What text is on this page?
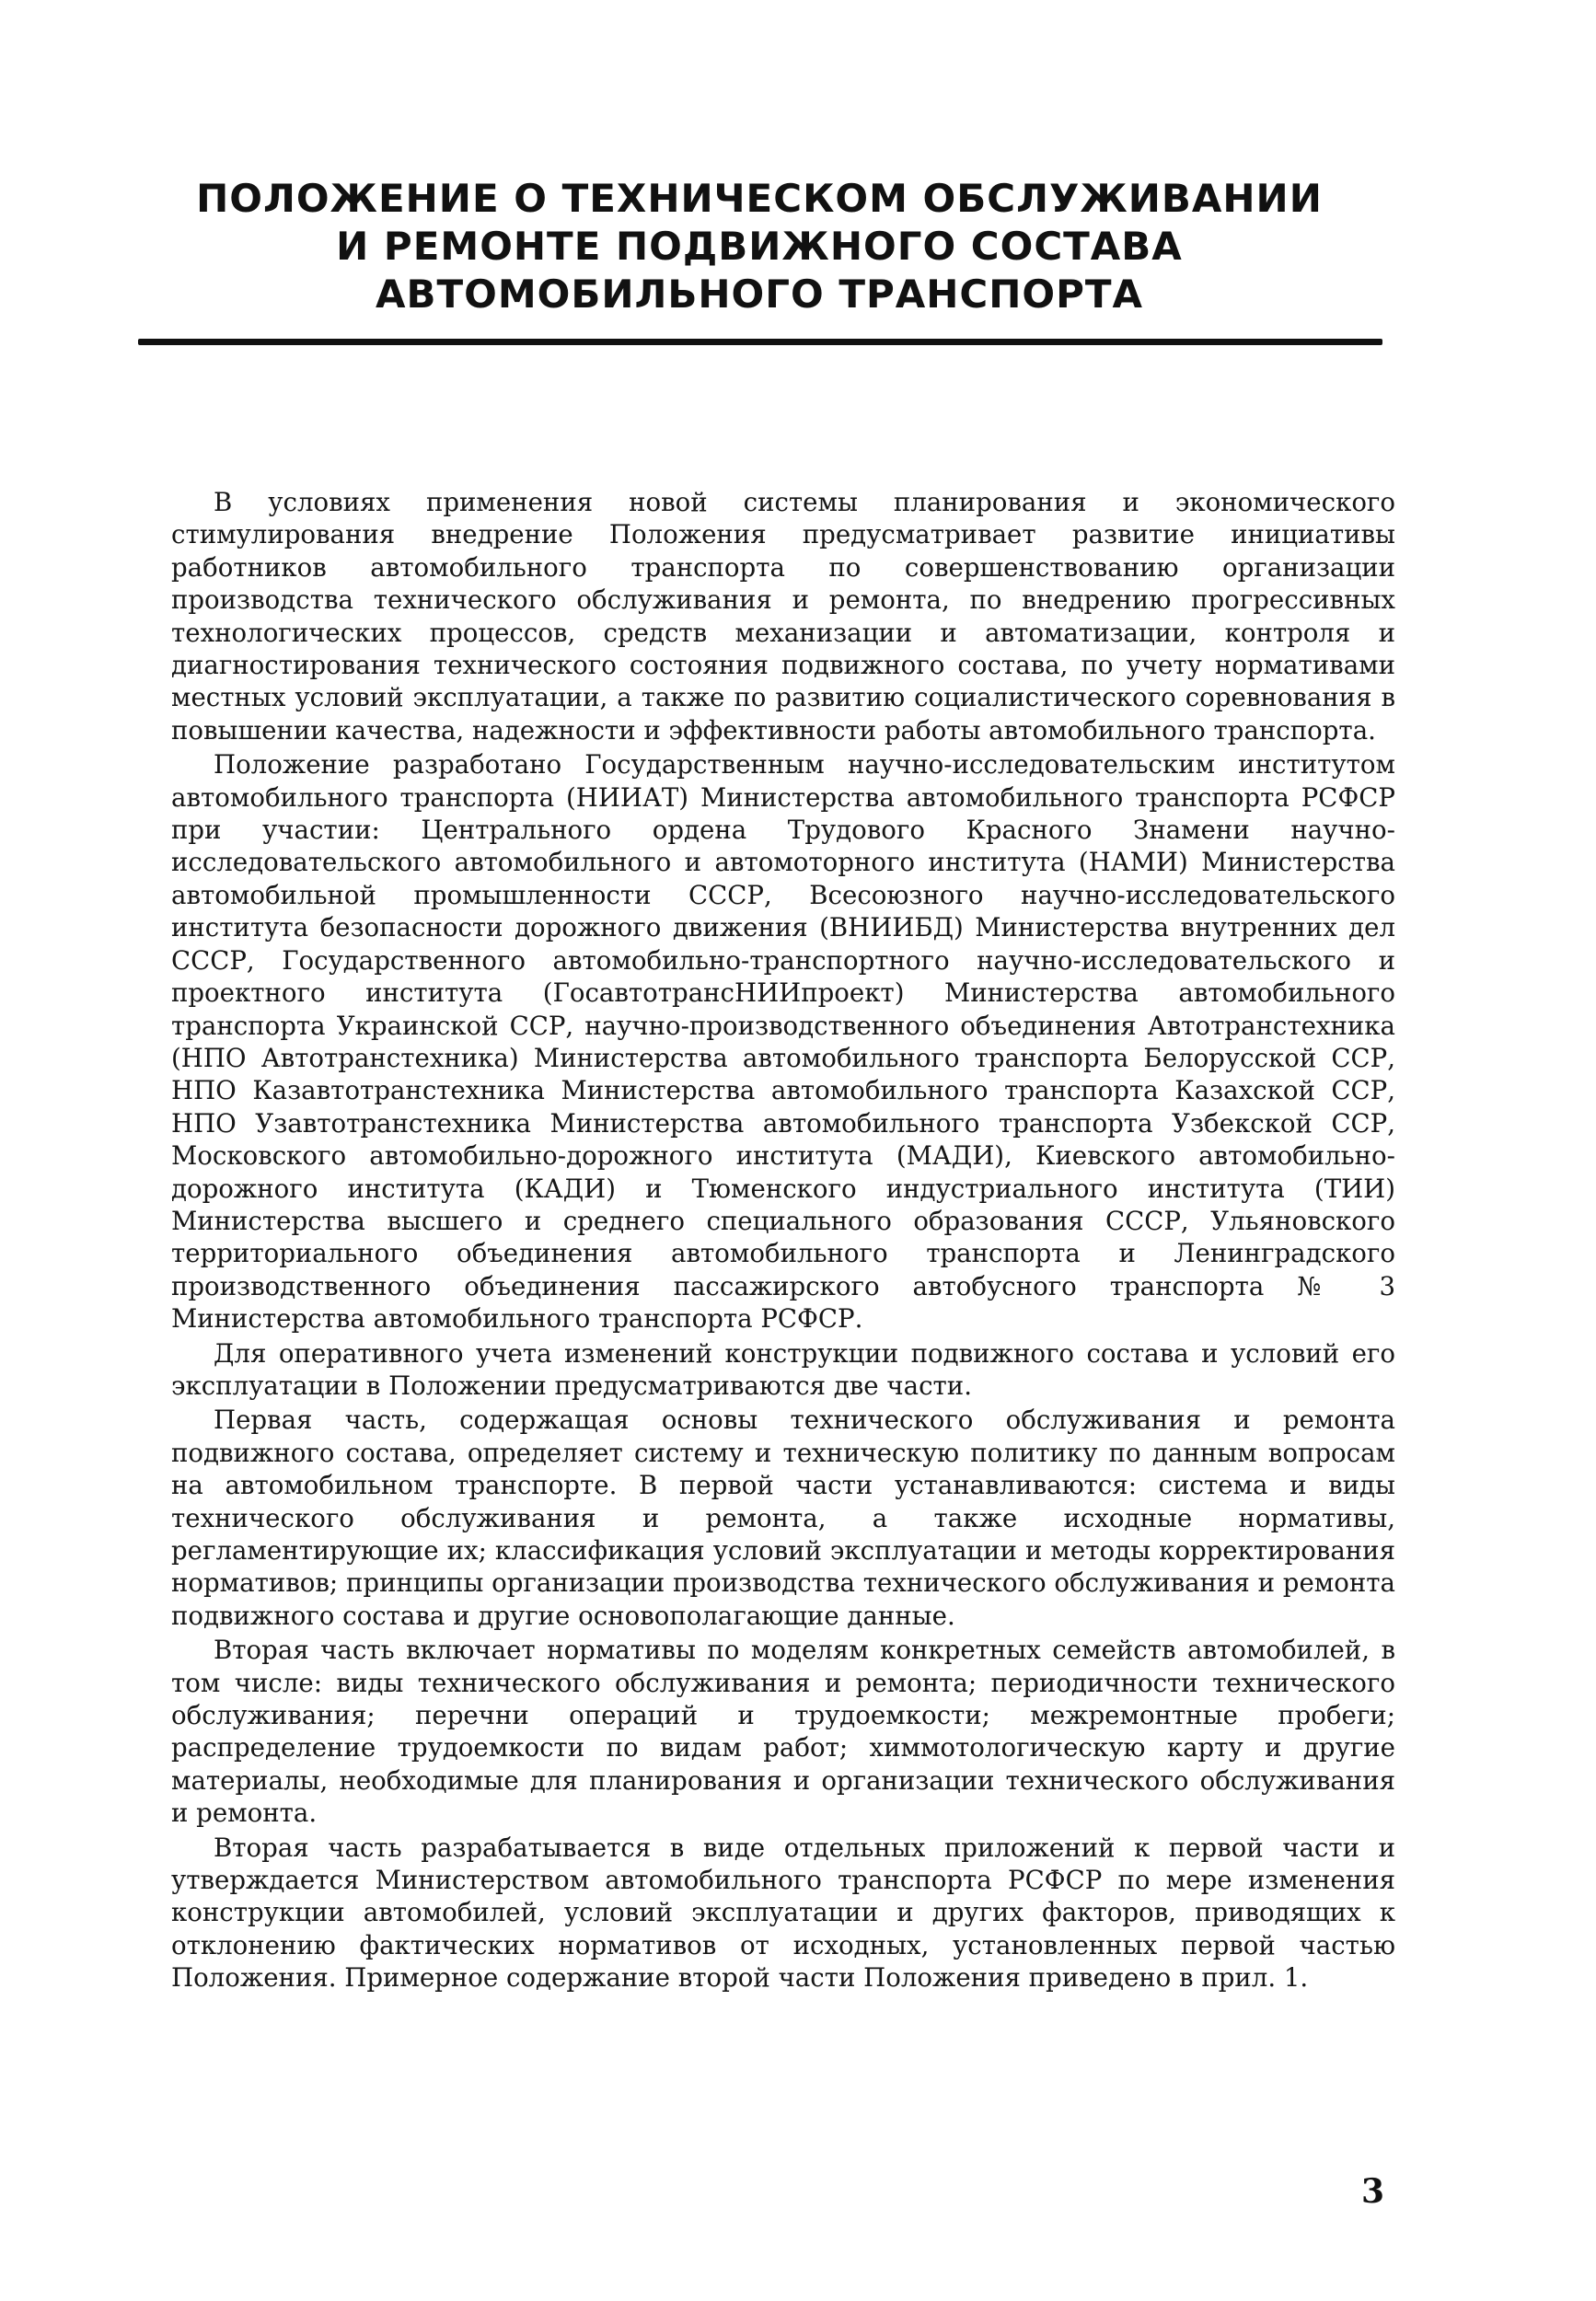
ПОЛОЖЕНИЕ О ТЕХНИЧЕСКОМ ОБСЛУЖИВАНИИ
И РЕМОНТЕ ПОДВИЖНОГО СОСТАВА
АВТОМОБИЛЬНОГО ТРАНСПОРТА

В условиях применения новой системы планирования и экономического стимулирования внедрение Положения предусматривает развитие инициативы работников автомобильного транспорта по совершенствованию организации производства технического обслуживания и ремонта, по внедрению прогрессивных технологических процессов, средств механизации и автоматизации, контроля и диагностирования технического состояния подвижного состава, по учету нормативами местных условий эксплуатации, а также по развитию социалистического соревнования в повышении качества, надежности и эффективности работы автомобильного транспорта.

Положение разработано Государственным научно-исследовательским институтом автомобильного транспорта (НИИАТ) Министерства автомобильного транспорта РСФСР при участии: Центрального ордена Трудового Красного Знамени научно-исследовательского автомобильного и автомоторного института (НАМИ) Министерства автомобильной промышленности СССР, Всесоюзного научно-исследовательского института безопасности дорожного движения (ВНИИБД) Министерства внутренних дел СССР, Государственного автомобильно-транспортного научно-исследовательского и проектного института (ГосавтотрансНИИпроект) Министерства автомобильного транспорта Украинской ССР, научно-производственного объединения Автотранстехника (НПО Автотранстехника) Министерства автомобильного транспорта Белорусской ССР, НПО Казавтотранстехника Министерства автомобильного транспорта Казахской ССР, НПО Узавтотранстехника Министерства автомобильного транспорта Узбекской ССР, Московского автомобильно-дорожного института (МАДИ), Киевского автомобильно-дорожного института (КАДИ) и Тюменского индустриального института (ТИИ) Министерства высшего и среднего специального образования СССР, Ульяновского территориального объединения автомобильного транспорта и Ленинградского производственного объединения пассажирского автобусного транспорта № 3 Министерства автомобильного транспорта РСФСР.

Для оперативного учета изменений конструкции подвижного состава и условий его эксплуатации в Положении предусматриваются две части.

Первая часть, содержащая основы технического обслуживания и ремонта подвижного состава, определяет систему и техническую политику по данным вопросам на автомобильном транспорте. В первой части устанавливаются: система и виды технического обслуживания и ремонта, а также исходные нормативы, регламентирующие их; классификация условий эксплуатации и методы корректирования нормативов; принципы организации производства технического обслуживания и ремонта подвижного состава и другие основополагающие данные.

Вторая часть включает нормативы по моделям конкретных семейств автомобилей, в том числе: виды технического обслуживания и ремонта; периодичности технического обслуживания; перечни операций и трудоемкости; межремонтные пробеги; распределение трудоемкости по видам работ; химмотологическую карту и другие материалы, необходимые для планирования и организации технического обслуживания и ремонта.

Вторая часть разрабатывается в виде отдельных приложений к первой части и утверждается Министерством автомобильного транспорта РСФСР по мере изменения конструкции автомобилей, условий эксплуатации и других факторов, приводящих к отклонению фактических нормативов от исходных, установленных первой частью Положения. Примерное содержание второй части Положения приведено в прил. 1.

3
